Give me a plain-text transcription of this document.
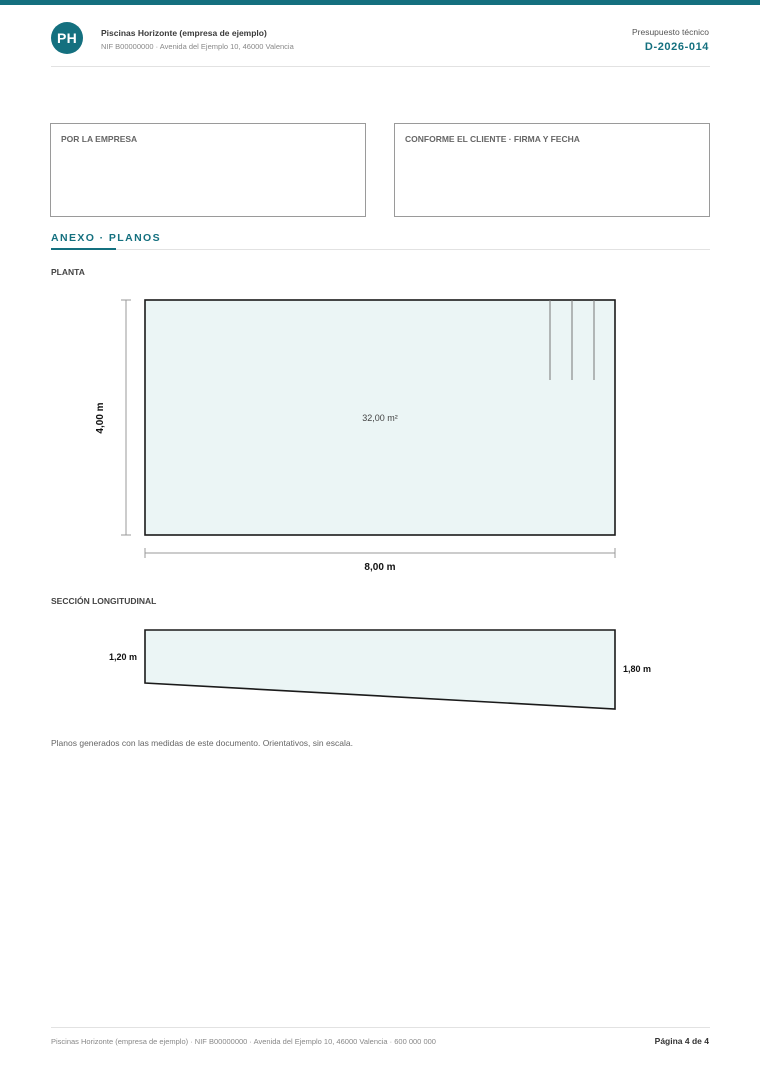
PH	Piscinas Horizonte (empresa de ejemplo)
NIF B00000000 · Avenida del Ejemplo 10, 46000 Valencia
Presupuesto técnico
D-2026-014
POR LA EMPRESA	CONFORME EL CLIENTE · FIRMA Y FECHA
ANEXO · PLANOS
PLANTA
SECCIÓN LONGITUDINAL
32,00 m²
8,00 m
4,00 m
1,20 m
1,80 m
Planos generados con las medidas de este documento. Orientativos, sin escala.
Piscinas Horizonte (empresa de ejemplo) · NIF B00000000 · Avenida del Ejemplo 10, 46000 Valencia · 600 000 000	Página 4 de 4
